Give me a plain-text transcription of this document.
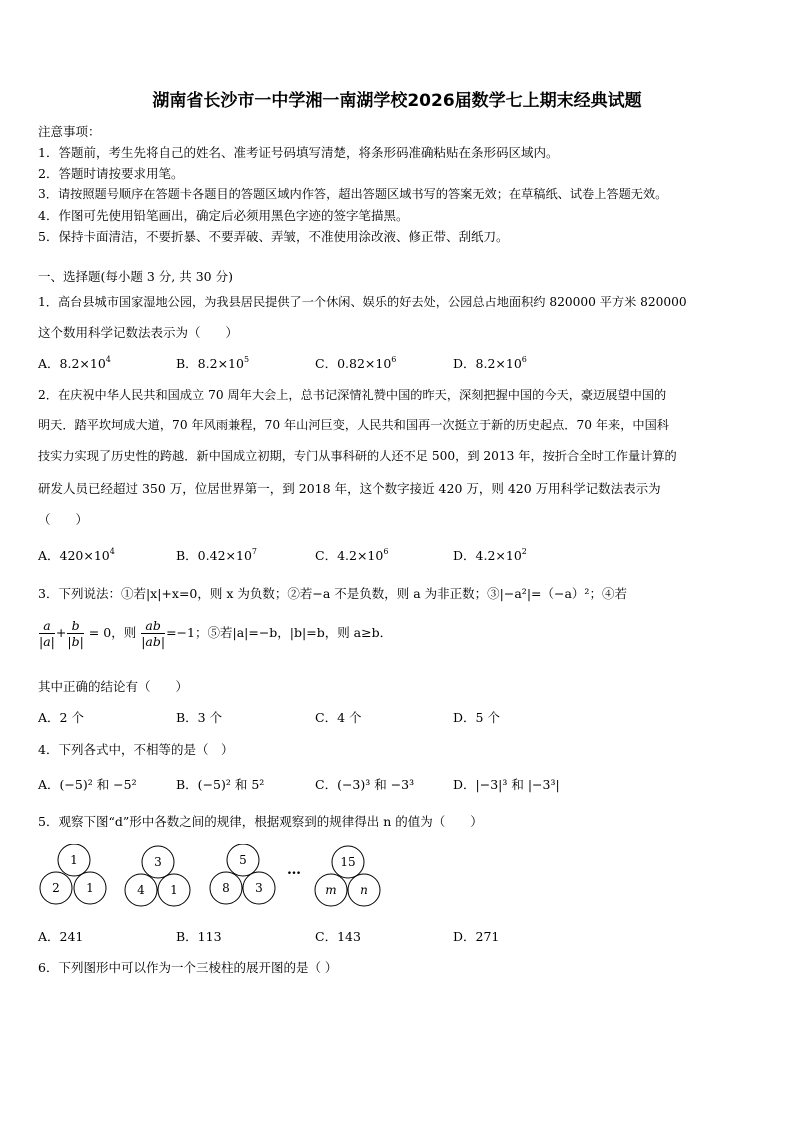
湖南省长沙市一中学湘一南湖学校2026届数学七上期末经典试题
注意事项：
1．答题前，考生先将自己的姓名、准考证号码填写清楚，将条形码准确粘贴在条形码区域内。
2．答题时请按要求用笔。
3．请按照题号顺序在答题卡各题目的答题区域内作答，超出答题区域书写的答案无效；在草稿纸、试卷上答题无效。
4．作图可先使用铅笔画出，确定后必须用黑色字迹的签字笔描黑。
5．保持卡面清洁，不要折暴、不要弄破、弄皱，不准使用涂改液、修正带、刮纸刀。
一、选择题(每小题 3 分, 共 30 分)
1．高台县城市国家湿地公园，为我县居民提供了一个休闲、娱乐的好去处，公园总占地面积约 820000 平方米 820000
这个数用科学记数法表示为（　　）
A．$8.2\times 10^4$	B．$8.2\times 10^5$	C．$0.82\times 10^6$	D．$8.2\times 10^6$
2．在庆祝中华人民共和国成立 70 周年大会上，总书记深情礼赞中国的昨天，深刻把握中国的今天，豪迈展望中国的
明天．踏平坎坷成大道，70 年风雨兼程，70 年山河巨变，人民共和国再一次挺立于新的历史起点．70 年来，中国科
技实力实现了历史性的跨越．新中国成立初期，专门从事科研的人还不足 500，到 2013 年，按折合全时工作量计算的
研发人员已经超过 350 万，位居世界第一，到 2018 年，这个数字接近 420 万，则 420 万用科学记数法表示为
（　　）
A．$420\times 10^4$	B．$0.42\times 10^7$	C．$4.2\times 10^6$	D．$4.2\times 10^2$
3．下列说法：①若|x|+x=0，则 x 为负数；②若−a 不是负数，则 a 为非正数；③|−a²|=（−a）²；④若
$\frac{a}{|a|} + \frac{b}{|b|} = 0$，则 $\frac{ab}{|ab|} =-1$；⑤若|a|=−b，|b|=b，则 a≥b．
其中正确的结论有（　　）
A．2 个	B．3 个	C．4 个	D．5 个
4．下列各式中，不相等的是（　）
A．(−5)² 和 −5²	B．(−5)² 和 5²	C．(−3)³ 和 −3³	D．|−3|³ 和 |−3³|
5．观察下图“d”形中各数之间的规律，根据观察到的规律得出 n 的值为（　　）
1
2 1
3
4 1
5
8 3
…	15
m n
A．241	B．113	C．143	D．271
6．下列图形中可以作为一个三棱柱的展开图的是（ ）
